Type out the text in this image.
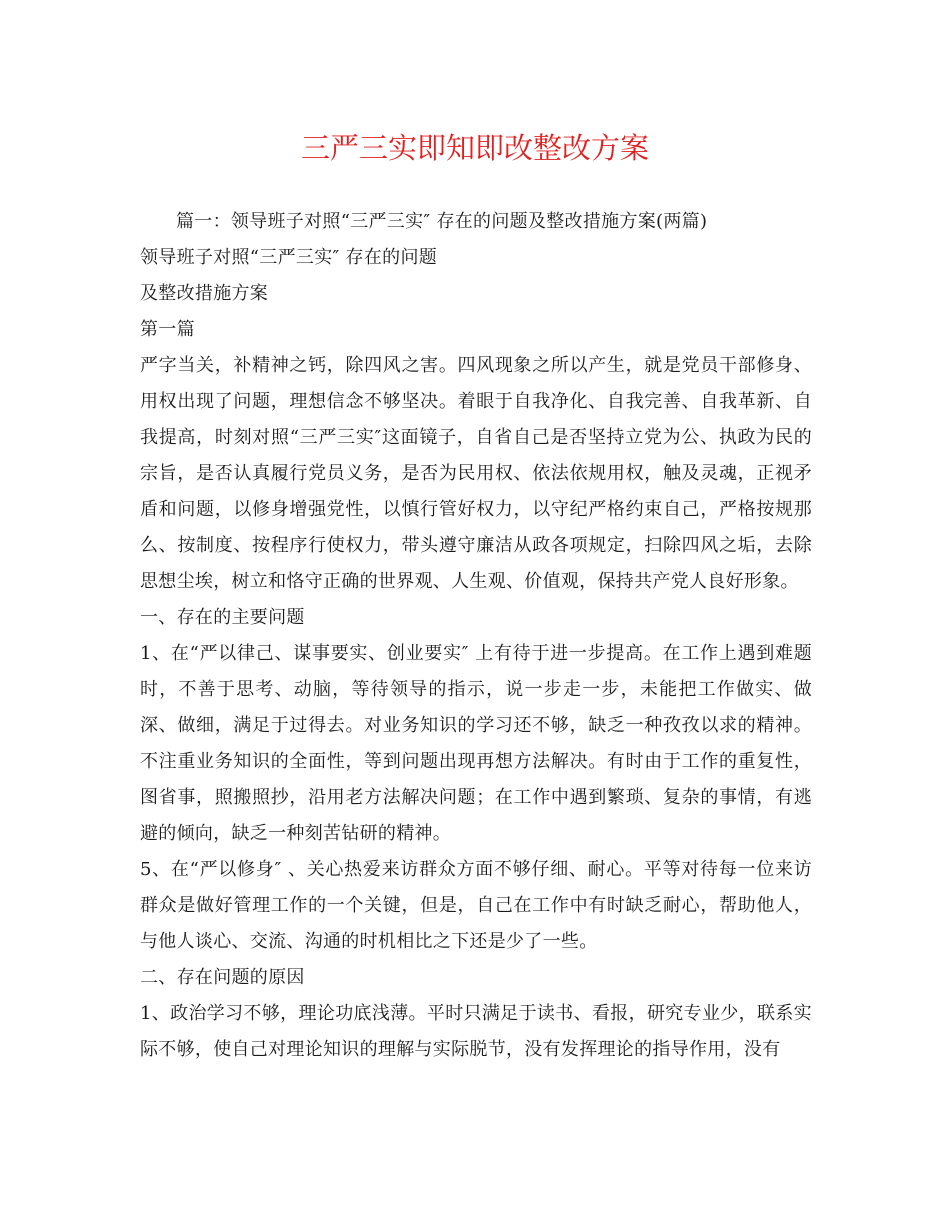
三严三实即知即改整改方案

篇一：领导班子对照“三严三实″ 存在的问题及整改措施方案(两篇)

领导班子对照“三严三实″ 存在的问题

及整改措施方案

第一篇

严字当关，补精神之钙，除四风之害。四风现象之所以产生，就是党员干部修身、用权出现了问题，理想信念不够坚决。着眼于自我净化、自我完善、自我革新、自我提高，时刻对照“三严三实″这面镜子，自省自己是否坚持立党为公、执政为民的宗旨，是否认真履行党员义务，是否为民用权、依法依规用权，触及灵魂，正视矛盾和问题，以修身增强党性，以慎行管好权力，以守纪严格约束自己，严格按规那么、按制度、按程序行使权力，带头遵守廉洁从政各项规定，扫除四风之垢，去除思想尘埃，树立和恪守正确的世界观、人生观、价值观，保持共产党人良好形象。

一、存在的主要问题

1、在“严以律己、谋事要实、创业要实″ 上有待于进一步提高。在工作上遇到难题时，不善于思考、动脑，等待领导的指示，说一步走一步，未能把工作做实、做深、做细，满足于过得去。对业务知识的学习还不够，缺乏一种孜孜以求的精神。不注重业务知识的全面性，等到问题出现再想方法解决。有时由于工作的重复性，图省事，照搬照抄，沿用老方法解决问题；在工作中遇到繁琐、复杂的事情，有逃避的倾向，缺乏一种刻苦钻研的精神。

5、在“严以修身″ 、关心热爱来访群众方面不够仔细、耐心。平等对待每一位来访群众是做好管理工作的一个关键，但是，自己在工作中有时缺乏耐心，帮助他人，与他人谈心、交流、沟通的时机相比之下还是少了一些。

二、存在问题的原因

1、政治学习不够，理论功底浅薄。平时只满足于读书、看报，研究专业少，联系实际不够，使自己对理论知识的理解与实际脱节，没有发挥理论的指导作用，没有
